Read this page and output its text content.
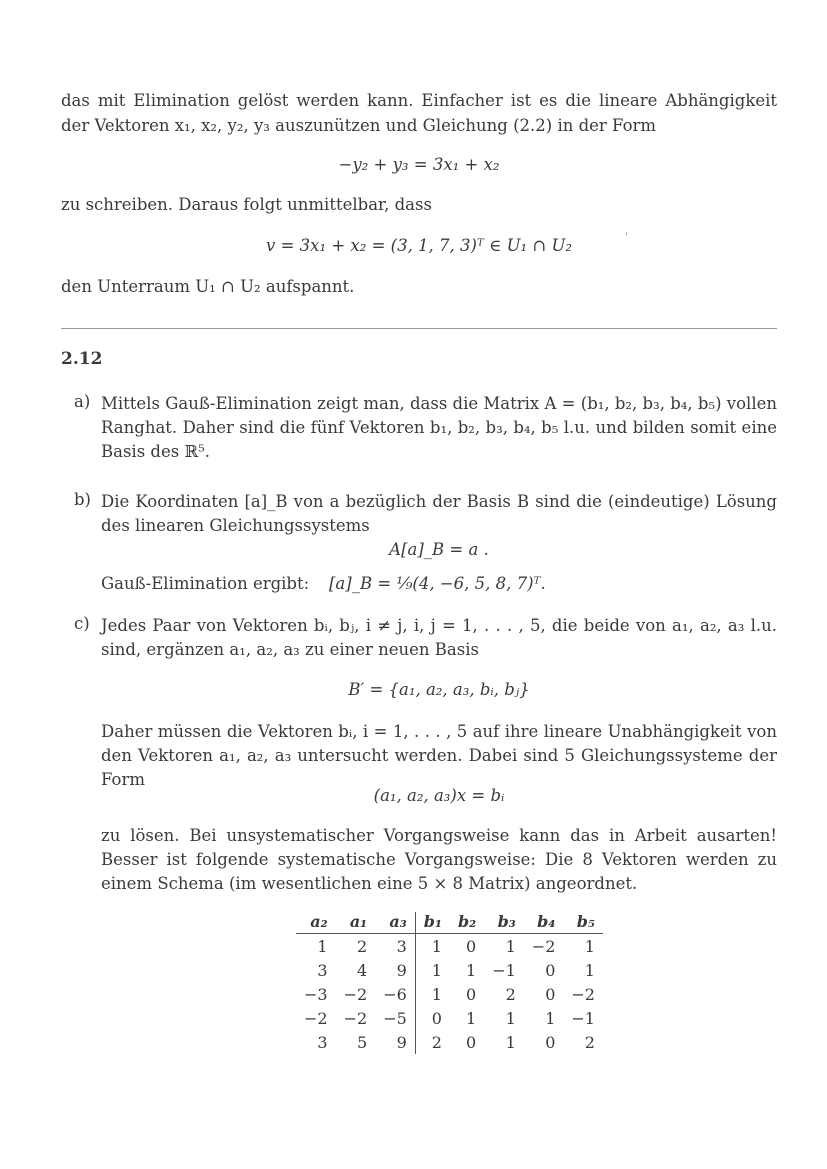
das mit Elimination gelöst werden kann. Einfacher ist es die lineare Abhängigkeit der Vektoren x₁, x₂, y₂, y₃ auszunützen und Gleichung (2.2) in der Form

−y₂ + y₃ = 3x₁ + x₂

zu schreiben. Daraus folgt unmittelbar, dass

v = 3x₁ + x₂ = (3, 1, 7, 3)ᵀ ∈ U₁ ∩ U₂	'

den Unterraum U₁ ∩ U₂ aufspannt.

2.12
a) Mittels Gauß-Elimination zeigt man, dass die Matrix A = (b₁, b₂, b₃, b₄, b₅) vollen Ranghat. Daher sind die fünf Vektoren b₁, b₂, b₃, b₄, b₅ l.u. und bilden somit eine Basis des ℝ⁵.

b) Die Koordinaten [a]_B von a bezüglich der Basis B sind die (eindeutige) Lösung des linearen Gleichungssystems

A[a]_B = a .

Gauß-Elimination ergibt: [a]_B = ¹⁄₉(4, −6, 5, 8, 7)ᵀ.

c) Jedes Paar von Vektoren bᵢ, bⱼ, i ≠ j, i, j = 1, . . . , 5, die beide von a₁, a₂, a₃ l.u. sind, ergänzen a₁, a₂, a₃ zu einer neuen Basis

B′ = {a₁, a₂, a₃, bᵢ, bⱼ}

Daher müssen die Vektoren bᵢ, i = 1, . . . , 5 auf ihre lineare Unabhängigkeit von den Vektoren a₁, a₂, a₃ untersucht werden. Dabei sind 5 Gleichungssysteme der Form

(a₁, a₂, a₃)x = bᵢ

zu lösen. Bei unsystematischer Vorgangsweise kann das in Arbeit ausarten! Besser ist folgende systematische Vorgangsweise: Die 8 Vektoren werden zu einem Schema (im wesentlichen eine 5 × 8 Matrix) angeordnet.

a₂	a₁	a₃	b₁	b₂	b₃	b₄	b₅
1	2	3	1	0	1	−2	1
3	4	9	1	1	−1	0	1
−3	−2	−6	1	0	2	0	−2
−2	−2	−5	0	1	1	1	−1
3	5	9	2	0	1	0	2
